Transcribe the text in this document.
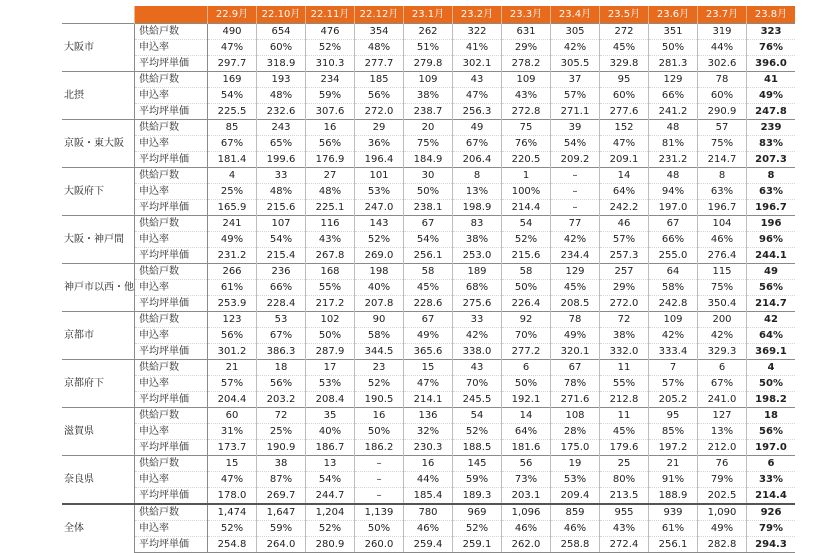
		22.9月	22.10月	22.11月	22.12月	23.1月	23.2月	23.3月	23.4月	23.5月	23.6月	23.7月	23.8月
大阪市	供給戸数	490	654	476	354	262	322	631	305	272	351	319	323
	申込率	47%	60%	52%	48%	51%	41%	29%	42%	45%	50%	44%	76%
	平均坪単価	297.7	318.9	310.3	277.7	279.8	302.1	278.2	305.5	329.8	281.3	302.6	396.0
北摂	供給戸数	169	193	234	185	109	43	109	37	95	129	78	41
	申込率	54%	48%	59%	56%	38%	47%	43%	57%	60%	66%	60%	49%
	平均坪単価	225.5	232.6	307.6	272.0	238.7	256.3	272.8	271.1	277.6	241.2	290.9	247.8
京阪・東大阪	供給戸数	85	243	16	29	20	49	75	39	152	48	57	239
	申込率	67%	65%	56%	36%	75%	67%	76%	54%	47%	81%	75%	83%
	平均坪単価	181.4	199.6	176.9	196.4	184.9	206.4	220.5	209.2	209.1	231.2	214.7	207.3
大阪府下	供給戸数	4	33	27	101	30	8	1	–	14	48	8	8
	申込率	25%	48%	48%	53%	50%	13%	100%	–	64%	94%	63%	63%
	平均坪単価	165.9	215.6	225.1	247.0	238.1	198.9	214.4	–	242.2	197.0	196.7	196.7
大阪・神戸間	供給戸数	241	107	116	143	67	83	54	77	46	67	104	196
	申込率	49%	54%	43%	52%	54%	38%	52%	42%	57%	66%	46%	96%
	平均坪単価	231.2	215.4	267.8	269.0	256.1	253.0	215.6	234.4	257.3	255.0	276.4	244.1
神戸市以西・他	供給戸数	266	236	168	198	58	189	58	129	257	64	115	49
	申込率	61%	66%	55%	40%	45%	68%	50%	45%	29%	58%	75%	56%
	平均坪単価	253.9	228.4	217.2	207.8	228.6	275.6	226.4	208.5	272.0	242.8	350.4	214.7
京都市	供給戸数	123	53	102	90	67	33	92	78	72	109	200	42
	申込率	56%	67%	50%	58%	49%	42%	70%	49%	38%	42%	42%	64%
	平均坪単価	301.2	386.3	287.9	344.5	365.6	338.0	277.2	320.1	332.0	333.4	329.3	369.1
京都府下	供給戸数	21	18	17	23	15	43	6	67	11	7	6	4
	申込率	57%	56%	53%	52%	47%	70%	50%	78%	55%	57%	67%	50%
	平均坪単価	204.4	203.2	208.4	190.5	214.1	245.5	192.1	271.6	212.8	205.2	241.0	198.2
滋賀県	供給戸数	60	72	35	16	136	54	14	108	11	95	127	18
	申込率	31%	25%	40%	50%	32%	52%	64%	28%	45%	85%	13%	56%
	平均坪単価	173.7	190.9	186.7	186.2	230.3	188.5	181.6	175.0	179.6	197.2	212.0	197.0
奈良県	供給戸数	15	38	13	–	16	145	56	19	25	21	76	6
	申込率	47%	87%	54%	–	44%	59%	73%	53%	80%	91%	79%	33%
	平均坪単価	178.0	269.7	244.7	–	185.4	189.3	203.1	209.4	213.5	188.9	202.5	214.4
全体	供給戸数	1,474	1,647	1,204	1,139	780	969	1,096	859	955	939	1,090	926
	申込率	52%	59%	52%	50%	46%	52%	46%	46%	43%	61%	49%	79%
	平均坪単価	254.8	264.0	280.9	260.0	259.4	259.1	262.0	258.8	272.4	256.1	282.8	294.3
